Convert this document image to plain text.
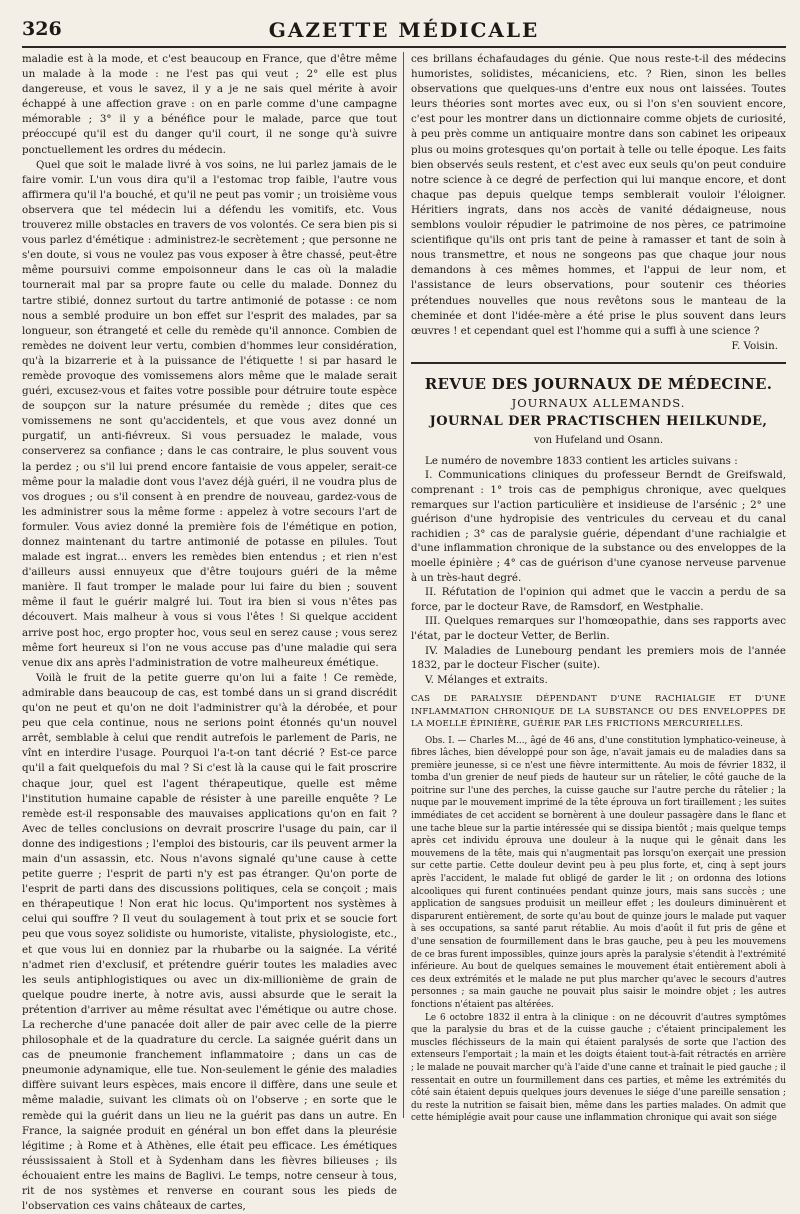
326	GAZETTE MÉDICALE

maladie est à la mode, et c'est beaucoup en France, que d'être même un malade à la mode : ne l'est pas qui veut ; 2° elle est plus dangereuse, et vous le savez, il y a je ne sais quel mérite à avoir échappé à une affection grave : on en parle comme d'une campagne mémorable ; 3° il y a bénéfice pour le malade, parce que tout préoccupé qu'il est du danger qu'il court, il ne songe qu'à suivre ponctuellement les ordres du médecin.

Quel que soit le malade livré à vos soins, ne lui parlez jamais de le faire vomir. L'un vous dira qu'il a l'estomac trop faible, l'autre vous affirmera qu'il l'a bouché, et qu'il ne peut pas vomir ; un troisième vous observera que tel médecin lui a défendu les vomitifs, etc. Vous trouverez mille obstacles en travers de vos volontés. Ce sera bien pis si vous parlez d'émétique : administrez-le secrètement ; que personne ne s'en doute, si vous ne voulez pas vous exposer à être chassé, peut-être même poursuivi comme empoisonneur dans le cas où la maladie tournerait mal par sa propre faute ou celle du malade. Donnez du tartre stibié, donnez surtout du tartre antimonié de potasse : ce nom nous a semblé produire un bon effet sur l'esprit des malades, par sa longueur, son étrangeté et celle du remède qu'il annonce. Combien de remèdes ne doivent leur vertu, combien d'hommes leur considération, qu'à la bizarrerie et à la puissance de l'étiquette ! si par hasard le remède provoque des vomissemens alors même que le malade serait guéri, excusez-vous et faites votre possible pour détruire toute espèce de soupçon sur la nature présumée du remède ; dites que ces vomissemens ne sont qu'accidentels, et que vous avez donné un purgatif, un anti-fiévreux. Si vous persuadez le malade, vous conserverez sa confiance ; dans le cas contraire, le plus souvent vous la perdez ; ou s'il lui prend encore fantaisie de vous appeler, serait-ce même pour la maladie dont vous l'avez déjà guéri, il ne voudra plus de vos drogues ; ou s'il consent à en prendre de nouveau, gardez-vous de les administrer sous la même forme : appelez à votre secours l'art de formuler. Vous aviez donné la première fois de l'émétique en potion, donnez maintenant du tartre antimonié de potasse en pilules. Tout malade est ingrat... envers les remèdes bien entendus ; et rien n'est d'ailleurs aussi ennuyeux que d'être toujours guéri de la même manière. Il faut tromper le malade pour lui faire du bien ; souvent même il faut le guérir malgré lui. Tout ira bien si vous n'êtes pas découvert. Mais malheur à vous si vous l'êtes ! Si quelque accident arrive post hoc, ergo propter hoc, vous seul en serez cause ; vous serez même fort heureux si l'on ne vous accuse pas d'une maladie qui sera venue dix ans après l'administration de votre malheureux émétique.

Voilà le fruit de la petite guerre qu'on lui a faite ! Ce remède, admirable dans beaucoup de cas, est tombé dans un si grand discrédit qu'on ne peut et qu'on ne doit l'administrer qu'à la dérobée, et pour peu que cela continue, nous ne serions point étonnés qu'un nouvel arrêt, semblable à celui que rendit autrefois le parlement de Paris, ne vînt en interdire l'usage. Pourquoi l'a-t-on tant décrié ? Est-ce parce qu'il a fait quelquefois du mal ? Si c'est là la cause qui le fait proscrire chaque jour, quel est l'agent thérapeutique, quelle est même l'institution humaine capable de résister à une pareille enquête ? Le remède est-il responsable des mauvaises applications qu'on en fait ? Avec de telles conclusions on devrait proscrire l'usage du pain, car il donne des indigestions ; l'emploi des bistouris, car ils peuvent armer la main d'un assassin, etc. Nous n'avons signalé qu'une cause à cette petite guerre ; l'esprit de parti n'y est pas étranger. Qu'on porte de l'esprit de parti dans des discussions politiques, cela se conçoit ; mais en thérapeutique ! Non erat hic locus. Qu'importent nos systèmes à celui qui souffre ? Il veut du soulagement à tout prix et se soucie fort peu que vous soyez solidiste ou humoriste, vitaliste, physiologiste, etc., et que vous lui en donniez par la rhubarbe ou la saignée. La vérité n'admet rien d'exclusif, et prétendre guérir toutes les maladies avec les seuls antiphlogistiques ou avec un dix-millionième de grain de quelque poudre inerte, à notre avis, aussi absurde que le serait la prétention d'arriver au même résultat avec l'émétique ou autre chose. La recherche d'une panacée doit aller de pair avec celle de la pierre philosophale et de la quadrature du cercle. La saignée guérit dans un cas de pneumonie franchement inflammatoire ; dans un cas de pneumonie adynamique, elle tue. Non-seulement le génie des maladies diffère suivant leurs espèces, mais encore il diffère, dans une seule et même maladie, suivant les climats où on l'observe ; en sorte que le remède qui la guérit dans un lieu ne la guérit pas dans un autre. En France, la saignée produit en général un bon effet dans la pleurésie légitime ; à Rome et à Athènes, elle était peu efficace. Les émétiques réussissaient à Stoll et à Sydenham dans les fièvres bilieuses ; ils échouaient entre les mains de Baglivi. Le temps, notre censeur à tous, rit de nos systèmes et renverse en courant sous les pieds de l'observation ces vains châteaux de cartes,

ces brillans échafaudages du génie. Que nous reste-t-il des médecins humoristes, solidistes, mécaniciens, etc. ? Rien, sinon les belles observations que quelques-uns d'entre eux nous ont laissées. Toutes leurs théories sont mortes avec eux, ou si l'on s'en souvient encore, c'est pour les montrer dans un dictionnaire comme objets de curiosité, à peu près comme un antiquaire montre dans son cabinet les oripeaux plus ou moins grotesques qu'on portait à telle ou telle époque. Les faits bien observés seuls restent, et c'est avec eux seuls qu'on peut conduire notre science à ce degré de perfection qui lui manque encore, et dont chaque pas depuis quelque temps semblerait vouloir l'éloigner. Héritiers ingrats, dans nos accès de vanité dédaigneuse, nous semblons vouloir répudier le patrimoine de nos pères, ce patrimoine scientifique qu'ils ont pris tant de peine à ramasser et tant de soin à nous transmettre, et nous ne songeons pas que chaque jour nous demandons à ces mêmes hommes, et l'appui de leur nom, et l'assistance de leurs observations, pour soutenir ces théories prétendues nouvelles que nous revêtons sous le manteau de la cheminée et dont l'idée-mère a été prise le plus souvent dans leurs œuvres ! et cependant quel est l'homme qui a suffi à une science ?

F. Voisin.
REVUE DES JOURNAUX DE MÉDECINE.
JOURNAUX ALLEMANDS.
JOURNAL DER PRACTISCHEN HEILKUNDE,
von Hufeland und Osann.

Le numéro de novembre 1833 contient les articles suivans :

I. Communications cliniques du professeur Berndt de Greifswald, comprenant : 1° trois cas de pemphigus chronique, avec quelques remarques sur l'action particulière et insidieuse de l'arsénic ; 2° une guérison d'une hydropisie des ventricules du cerveau et du canal rachidien ; 3° cas de paralysie guérie, dépendant d'une rachialgie et d'une inflammation chronique de la substance ou des enveloppes de la moelle épinière ; 4° cas de guérison d'une cyanose nerveuse parvenue à un très-haut degré.

II. Réfutation de l'opinion qui admet que le vaccin a perdu de sa force, par le docteur Rave, de Ramsdorf, en Westphalie.

III. Quelques remarques sur l'homœopathie, dans ses rapports avec l'état, par le docteur Vetter, de Berlin.

IV. Maladies de Lunebourg pendant les premiers mois de l'année 1832, par le docteur Fischer (suite).

V. Mélanges et extraits.

CAS DE PARALYSIE DÉPENDANT D'UNE RACHIALGIE ET D'UNE INFLAMMATION CHRONIQUE DE LA SUBSTANCE OU DES ENVELOPPES DE LA MOELLE ÉPINIÈRE, GUÉRIE PAR LES FRICTIONS MERCURIELLES.

Obs. I. — Charles M..., âgé de 46 ans, d'une constitution lymphatico-veineuse, à fibres lâches, bien développé pour son âge, n'avait jamais eu de maladies dans sa première jeunesse, si ce n'est une fièvre intermittente. Au mois de février 1832, il tomba d'un grenier de neuf pieds de hauteur sur un râtelier, le côté gauche de la poitrine sur l'une des perches, la cuisse gauche sur l'autre perche du râtelier ; la nuque par le mouvement imprimé de la tête éprouva un fort tiraillement ; les suites immédiates de cet accident se bornèrent à une douleur passagère dans le flanc et une tache bleue sur la partie intéressée qui se dissipa bientôt ; mais quelque temps après cet individu éprouva une douleur à la nuque qui le gênait dans les mouvemens de la tête, mais qui n'augmentait pas lorsqu'on exerçait une pression sur cette partie. Cette douleur devint peu à peu plus forte, et, cinq à sept jours après l'accident, le malade fut obligé de garder le lit ; on ordonna des lotions alcooliques qui furent continuées pendant quinze jours, mais sans succès ; une application de sangsues produisit un meilleur effet ; les douleurs diminuèrent et disparurent entièrement, de sorte qu'au bout de quinze jours le malade put vaquer à ses occupations, sa santé parut rétablie. Au mois d'août il fut pris de gêne et d'une sensation de fourmillement dans le bras gauche, peu à peu les mouvemens de ce bras furent impossibles, quinze jours après la paralysie s'étendit à l'extrémité inférieure. Au bout de quelques semaines le mouvement était entièrement aboli à ces deux extrémités et le malade ne put plus marcher qu'avec le secours d'autres personnes ; sa main gauche ne pouvait plus saisir le moindre objet ; les autres fonctions n'étaient pas altérées.

Le 6 octobre 1832 il entra à la clinique : on ne découvrit d'autres symptômes que la paralysie du bras et de la cuisse gauche ; c'étaient principalement les muscles fléchisseurs de la main qui étaient paralysés de sorte que l'action des extenseurs l'emportait ; la main et les doigts étaient tout-à-fait rétractés en arrière ; le malade ne pouvait marcher qu'à l'aide d'une canne et traînait le pied gauche ; il ressentait en outre un fourmillement dans ces parties, et même les extrémités du côté sain étaient depuis quelques jours devenues le siége d'une pareille sensation ; du reste la nutrition se faisait bien, même dans les parties malades. On admit que cette hémiplégie avait pour cause une inflammation chronique qui avait son siége
